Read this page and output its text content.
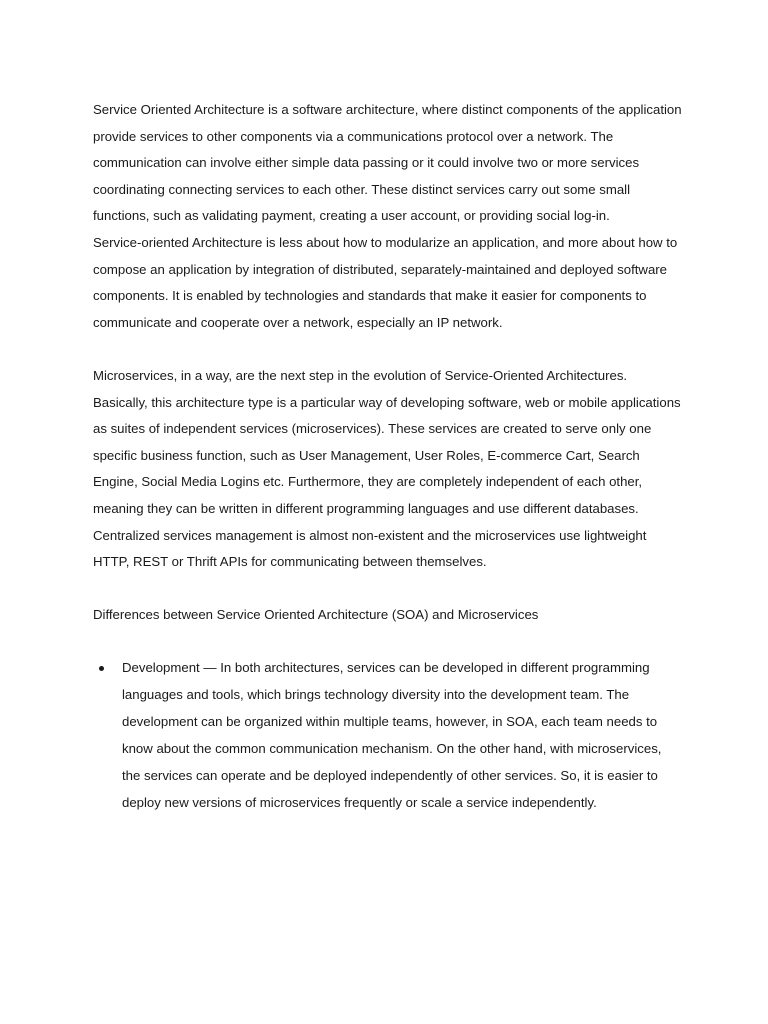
Service Oriented Architecture is a software architecture, where distinct components of the application provide services to other components via a communications protocol over a network. The communication can involve either simple data passing or it could involve two or more services coordinating connecting services to each other. These distinct services carry out some small functions, such as validating payment, creating a user account, or providing social log-in.

Service-oriented Architecture is less about how to modularize an application, and more about how to compose an application by integration of distributed, separately-maintained and deployed software components. It is enabled by technologies and standards that make it easier for components to communicate and cooperate over a network, especially an IP network.

Microservices, in a way, are the next step in the evolution of Service-Oriented Architectures. Basically, this architecture type is a particular way of developing software, web or mobile applications as suites of independent services (microservices). These services are created to serve only one specific business function, such as User Management, User Roles, E-commerce Cart, Search Engine, Social Media Logins etc. Furthermore, they are completely independent of each other, meaning they can be written in different programming languages and use different databases. Centralized services management is almost non-existent and the microservices use lightweight HTTP, REST or Thrift APIs for communicating between themselves.

Differences between Service Oriented Architecture (SOA) and Microservices

Development — In both architectures, services can be developed in different programming languages and tools, which brings technology diversity into the development team. The development can be organized within multiple teams, however, in SOA, each team needs to know about the common communication mechanism. On the other hand, with microservices, the services can operate and be deployed independently of other services. So, it is easier to deploy new versions of microservices frequently or scale a service independently.
